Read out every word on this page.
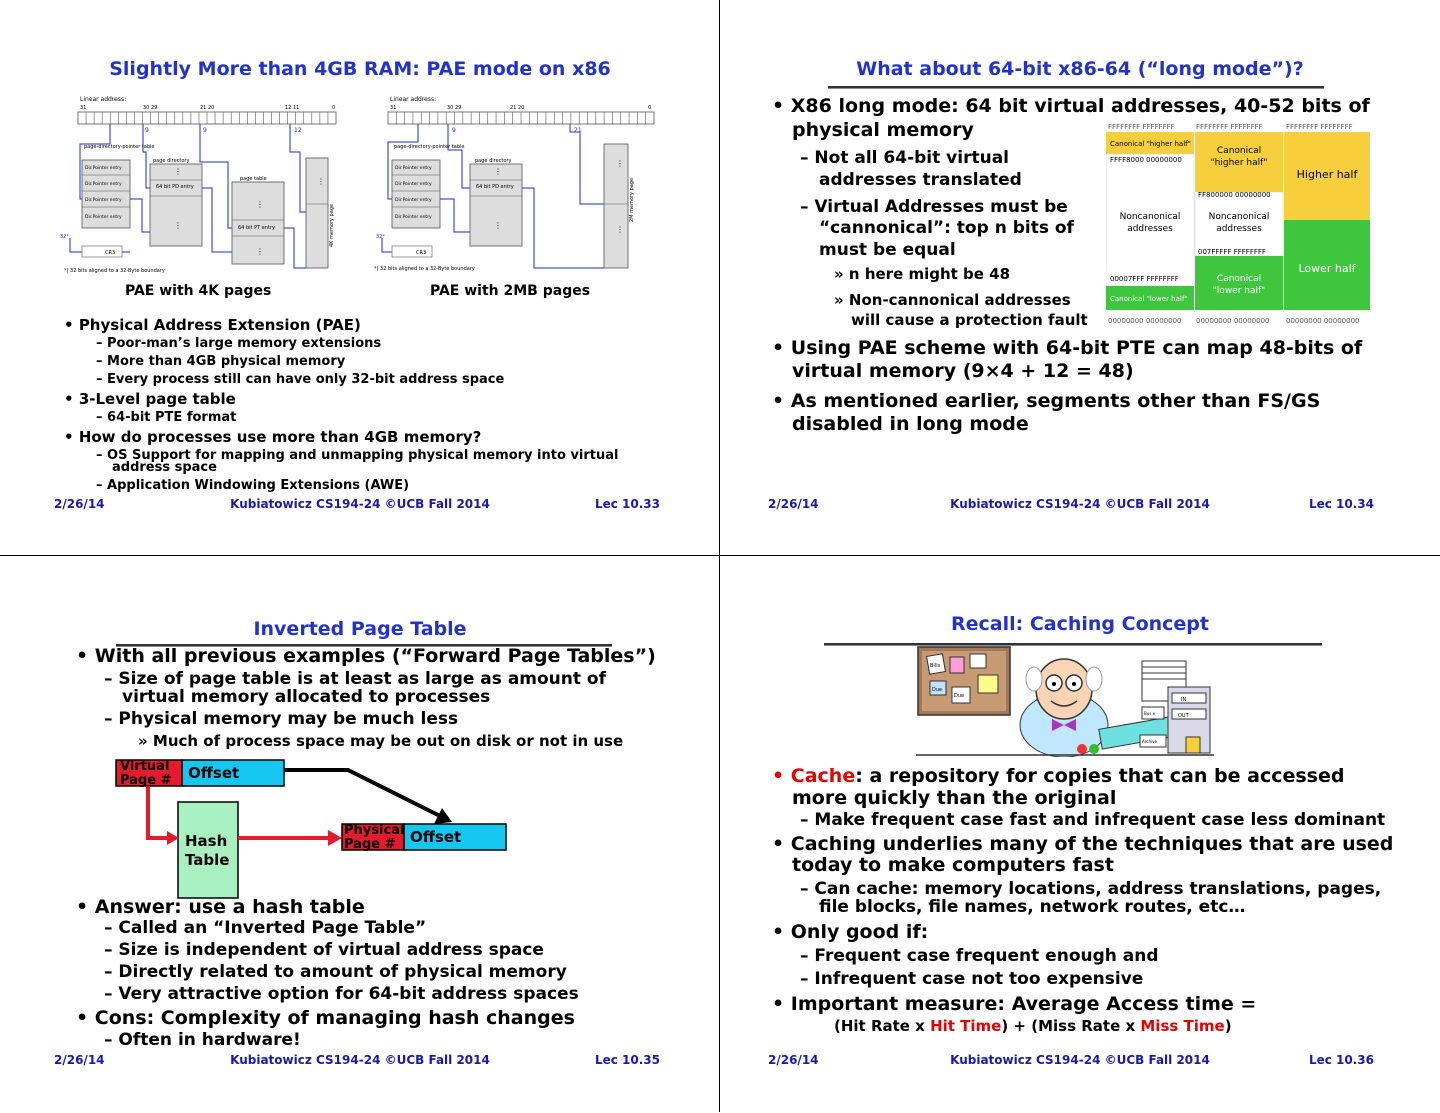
Slightly More than 4GB RAM: PAE mode on x86
Linear address:
31	30 29	21 20	12 11	0
page-directory-pointer table
Dir.Pointer entry
Dir.Pointer entry
Dir.Pointer entry
Dir.Pointer entry
page directory
64 bit PD entry
⋮
⋮
page table
64 bit PT entry
⋮
⋮
⋮
4K memory page
9	9	12
32*
CR3
*) 32 bits aligned to a 32-Byte boundary
Linear address:
31	30 29	21 20	0
page-directory-pointer table
Dir.Pointer entry
Dir.Pointer entry
Dir.Pointer entry
Dir.Pointer entry
page directory
64 bit PD entry
⋮
⋮
⋮
⋮
2M memory page
9	21
32*
CR3
*) 32 bits aligned to a 32-Byte boundary
PAE with 4K pages	PAE with 2MB pages
• Physical Address Extension (PAE)
– Poor-man’s large memory extensions
– More than 4GB physical memory
– Every process still can have only 32-bit address space
• 3-Level page table
– 64-bit PTE format
• How do processes use more than 4GB memory?
– OS Support for mapping and unmapping physical memory into virtual
address space
– Application Windowing Extensions (AWE)
2/26/14	Kubiatowicz CS194-24 ©UCB Fall 2014	Lec 10.33
What about 64-bit x86-64 (“long mode”)?
• X86 long mode: 64 bit virtual addresses, 40-52 bits of
physical memory
– Not all 64-bit virtual
addresses translated
– Virtual Addresses must be
“cannonical”: top n bits of
must be equal
» n here might be 48
» Non-cannonical addresses
will cause a protection fault
FFFFFFFF FFFFFFFF	FFFFFFFF FFFFFFFF	FFFFFFFF FFFFFFFF
00000000 00000000 00000000 00000000 00000000 00000000
Canonical "higher half"
FFFF8000 00000000
00007FFF FFFFFFFF
Canonical "lower half"
FF800000 00000000
007FFFFF FFFFFFFF
Canonical "higher half"
Canonical "lower half"
Noncanonical addresses
Noncanonical addresses
Higher half
Lower half
• Using PAE scheme with 64-bit PTE can map 48-bits of
virtual memory (9×4 + 12 = 48)
• As mentioned earlier, segments other than FS/GS
disabled in long mode
2/26/14	Kubiatowicz CS194-24 ©UCB Fall 2014	Lec 10.34
Inverted Page Table
• With all previous examples (“Forward Page Tables”)
– Size of page table is at least as large as amount of
virtual memory allocated to processes
– Physical memory may be much less
» Much of process space may be out on disk or not in use
Virtual
Page # Offset
Hash
Table
Physical
Page # Offset
• Answer: use a hash table
– Called an “Inverted Page Table”
– Size is independent of virtual address space
– Directly related to amount of physical memory
– Very attractive option for 64-bit address spaces
• Cons: Complexity of managing hash changes
– Often in hardware!
2/26/14	Kubiatowicz CS194-24 ©UCB Fall 2014	Lec 10.35
Recall: Caching Concept
Bills
Due
Due
IN
OUT
Bus x
Archive
• Cache: a repository for copies that can be accessed
more quickly than the original
– Make frequent case fast and infrequent case less dominant
• Caching underlies many of the techniques that are used
today to make computers fast
– Can cache: memory locations, address translations, pages,
file blocks, file names, network routes, etc…
• Only good if:
– Frequent case frequent enough and
– Infrequent case not too expensive
• Important measure: Average Access time =
(Hit Rate x Hit Time) + (Miss Rate x Miss Time)
2/26/14	Kubiatowicz CS194-24 ©UCB Fall 2014	Lec 10.36
